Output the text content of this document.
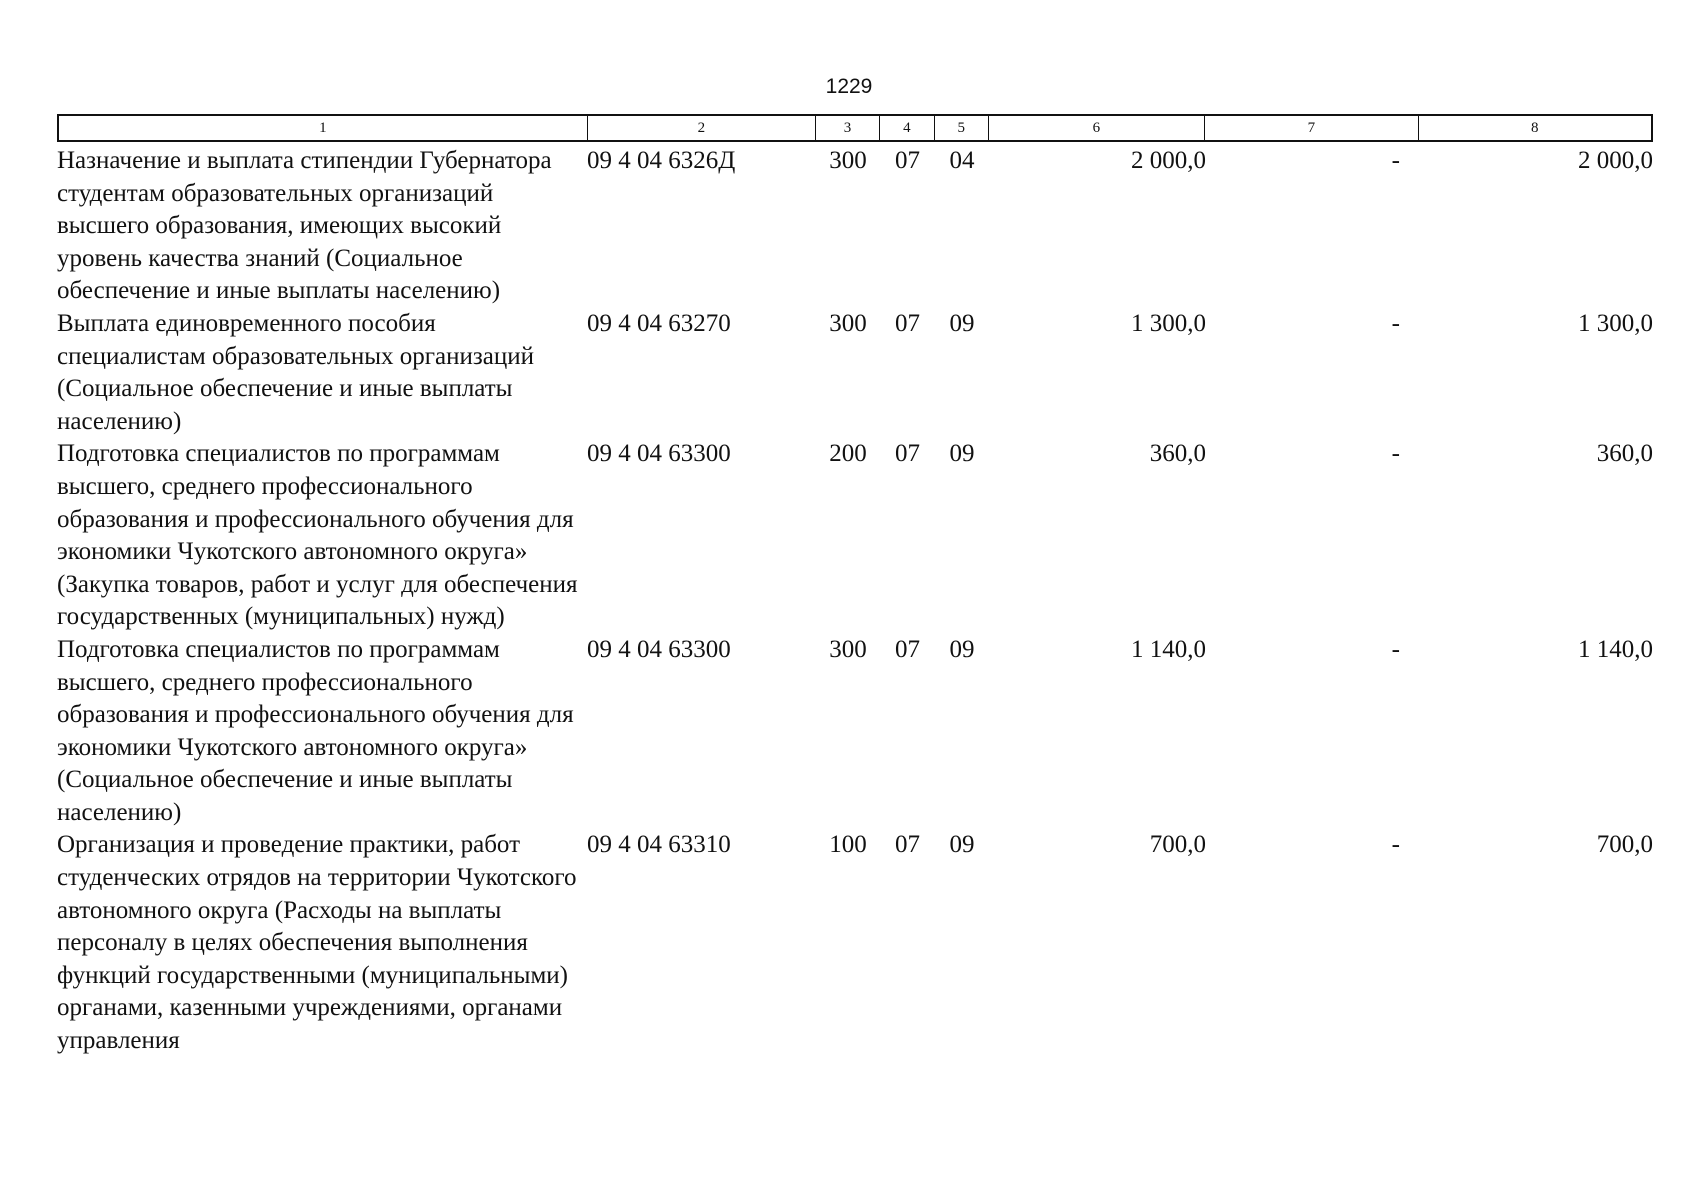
1229
1	2	3	4	5	6	7	8
Назначение и выплата стипендии Губернатора студентам образовательных организаций высшего образования, имеющих высокий уровень качества знаний (Социальное обеспечение и иные выплаты населению)
09 4 04 6326Д	300	07	04	2 000,0	-	2 000,0
Выплата единовременного пособия специалистам образовательных организаций (Социальное обеспечение и иные выплаты населению)
09 4 04 63270	300	07	09	1 300,0	-	1 300,0
Подготовка специалистов по программам высшего, среднего профессионального образования и профессионального обучения для экономики Чукотского автономного округа» (Закупка товаров, работ и услуг для обеспечения государственных (муниципальных) нужд)
09 4 04 63300	200	07	09	360,0	-	360,0
Подготовка специалистов по программам высшего, среднего профессионального образования и профессионального обучения для экономики Чукотского автономного округа» (Социальное обеспечение и иные выплаты населению)
09 4 04 63300	300	07	09	1 140,0	-	1 140,0
Организация и проведение практики, работ студенческих отрядов на территории Чукотского автономного округа (Расходы на выплаты персоналу в целях обеспечения выполнения функций государственными (муниципальными) органами, казенными учреждениями, органами управления
09 4 04 63310	100	07	09	700,0	-	700,0
